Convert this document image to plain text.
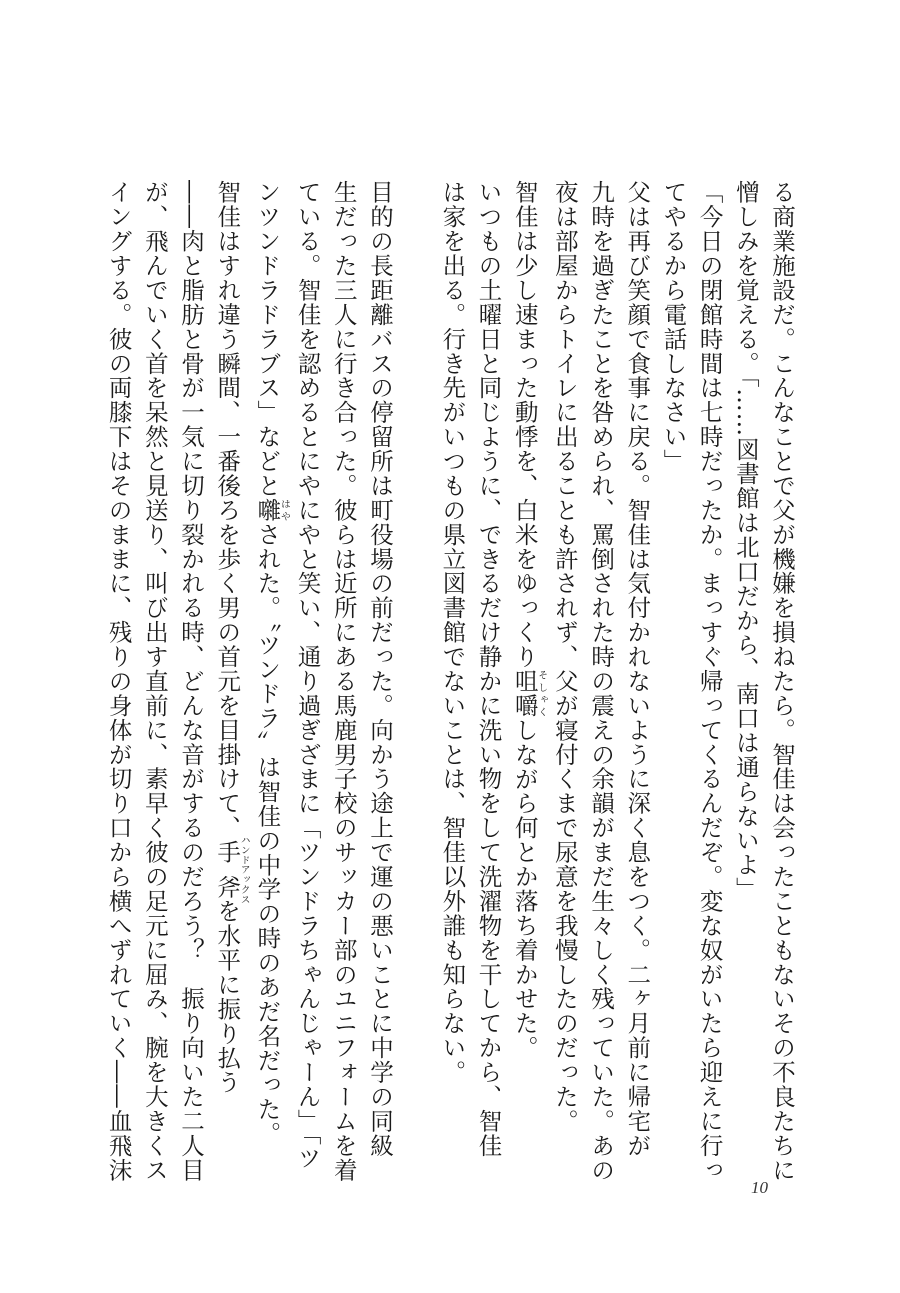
る商業施設だ。こんなことで父が機嫌を損ねたら。智佳は会ったこともないその不良たちに
憎しみを覚える。「……図書館は北口だから、南口は通らないよ」
「今日の閉館時間は七時だったか。まっすぐ帰ってくるんだぞ。変な奴がいたら迎えに行っ
てやるから電話しなさい」
父は再び笑顔で食事に戻る。智佳は気付かれないように深く息をつく。二ヶ月前に帰宅が
九時を過ぎたことを咎められ、罵倒された時の震えの余韻がまだ生々しく残っていた。あの
夜は部屋からトイレに出ることも許されず、父が寝付くまで尿意を我慢したのだった。
智佳は少し速まった動悸を、白米をゆっくり咀嚼そしゃくしながら何とか落ち着かせた。
いつもの土曜日と同じように、できるだけ静かに洗い物をして洗濯物を干してから、智佳
は家を出る。行き先がいつもの県立図書館でないことは、智佳以外誰も知らない。
目的の長距離バスの停留所は町役場の前だった。向かう途上で運の悪いことに中学の同級
生だった三人に行き合った。彼らは近所にある馬鹿男子校のサッカー部のユニフォームを着
ている。智佳を認めるとにやにやと笑い、通り過ぎざまに「ツンドラちゃんじゃーん」「ツ
ンツンドラドラブス」などと囃はやされた。〝ツンドラ〟は智佳の中学の時のあだ名だった。
智佳はすれ違う瞬間、一番後ろを歩く男の首元を目掛けて、手斧ハンドアックスを水平に振り払う
――肉と脂肪と骨が一気に切り裂かれる時、どんな音がするのだろう？　振り向いた二人目
が、飛んでいく首を呆然と見送り、叫び出す直前に、素早く彼の足元に屈み、腕を大きくス
イングする。彼の両膝下はそのままに、残りの身体が切り口から横へずれていく――血飛沫
10
